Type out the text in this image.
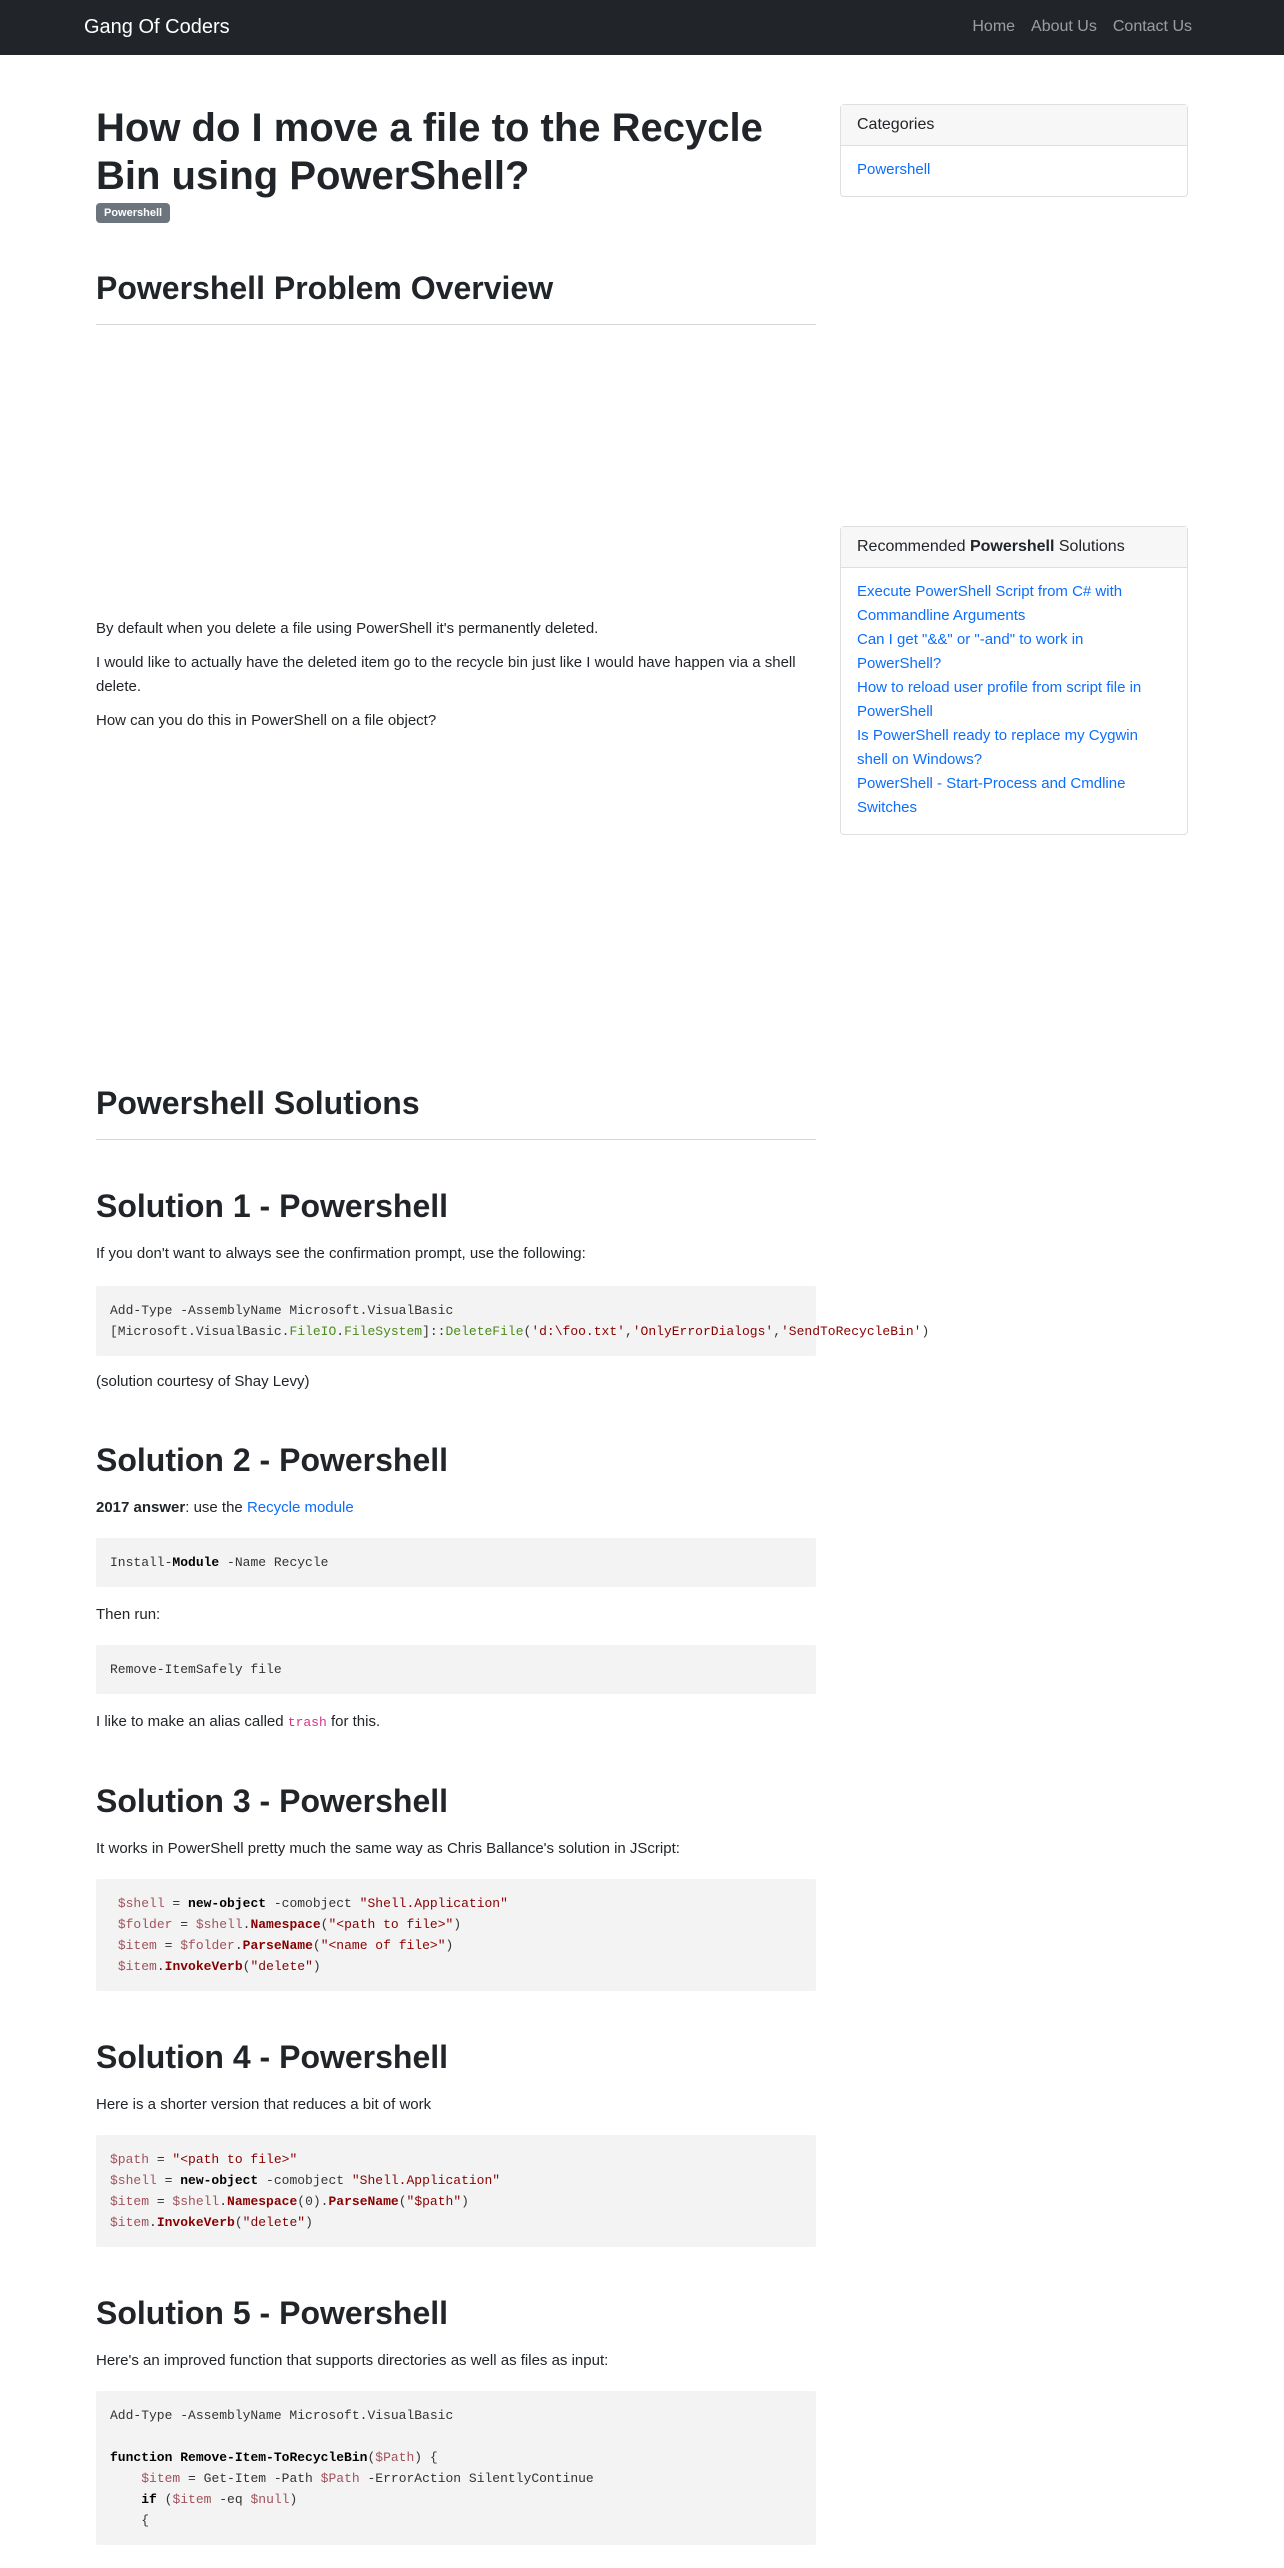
Gang Of Coders	Home About Us Contact Us
How do I move a file to the Recycle Bin using PowerShell?
Powershell
Powershell Problem Overview

By default when you delete a file using PowerShell it's permanently deleted.

I would like to actually have the deleted item go to the recycle bin just like I would have happen via a shell delete.

How can you do this in PowerShell on a file object?

Powershell Solutions
Solution 1 - Powershell

If you don't want to always see the confirmation prompt, use the following:

Add-Type -AssemblyName Microsoft.VisualBasic
[Microsoft.VisualBasic.FileIO.FileSystem]::DeleteFile('d:\foo.txt','OnlyErrorDialogs','SendToRecycleBin')

(solution courtesy of Shay Levy)

Solution 2 - Powershell

2017 answer: use the Recycle module

Install-Module -Name Recycle

Then run:

Remove-ItemSafely file

I like to make an alias called trash for this.

Solution 3 - Powershell

It works in PowerShell pretty much the same way as Chris Ballance's solution in JScript:

$shell = new-object -comobject "Shell.Application"
$folder = $shell.Namespace("<path to file>")
$item = $folder.ParseName("<name of file>")
$item.InvokeVerb("delete")
Solution 4 - Powershell

Here is a shorter version that reduces a bit of work

$path = "<path to file>"
$shell = new-object -comobject "Shell.Application"
$item = $shell.Namespace(0).ParseName("$path")
$item.InvokeVerb("delete")
Solution 5 - Powershell

Here's an improved function that supports directories as well as files as input:

Add-Type -AssemblyName Microsoft.VisualBasic

function Remove-Item-ToRecycleBin($Path) {
$item = Get-Item -Path $Path -ErrorAction SilentlyContinue
if ($item -eq $null)
{
Categories
Powershell
Recommended Powershell Solutions
Execute PowerShell Script from C# with Commandline Arguments
Can I get "&&" or "-and" to work in PowerShell?
How to reload user profile from script file in PowerShell
Is PowerShell ready to replace my Cygwin shell on Windows?
PowerShell - Start-Process and Cmdline Switches
